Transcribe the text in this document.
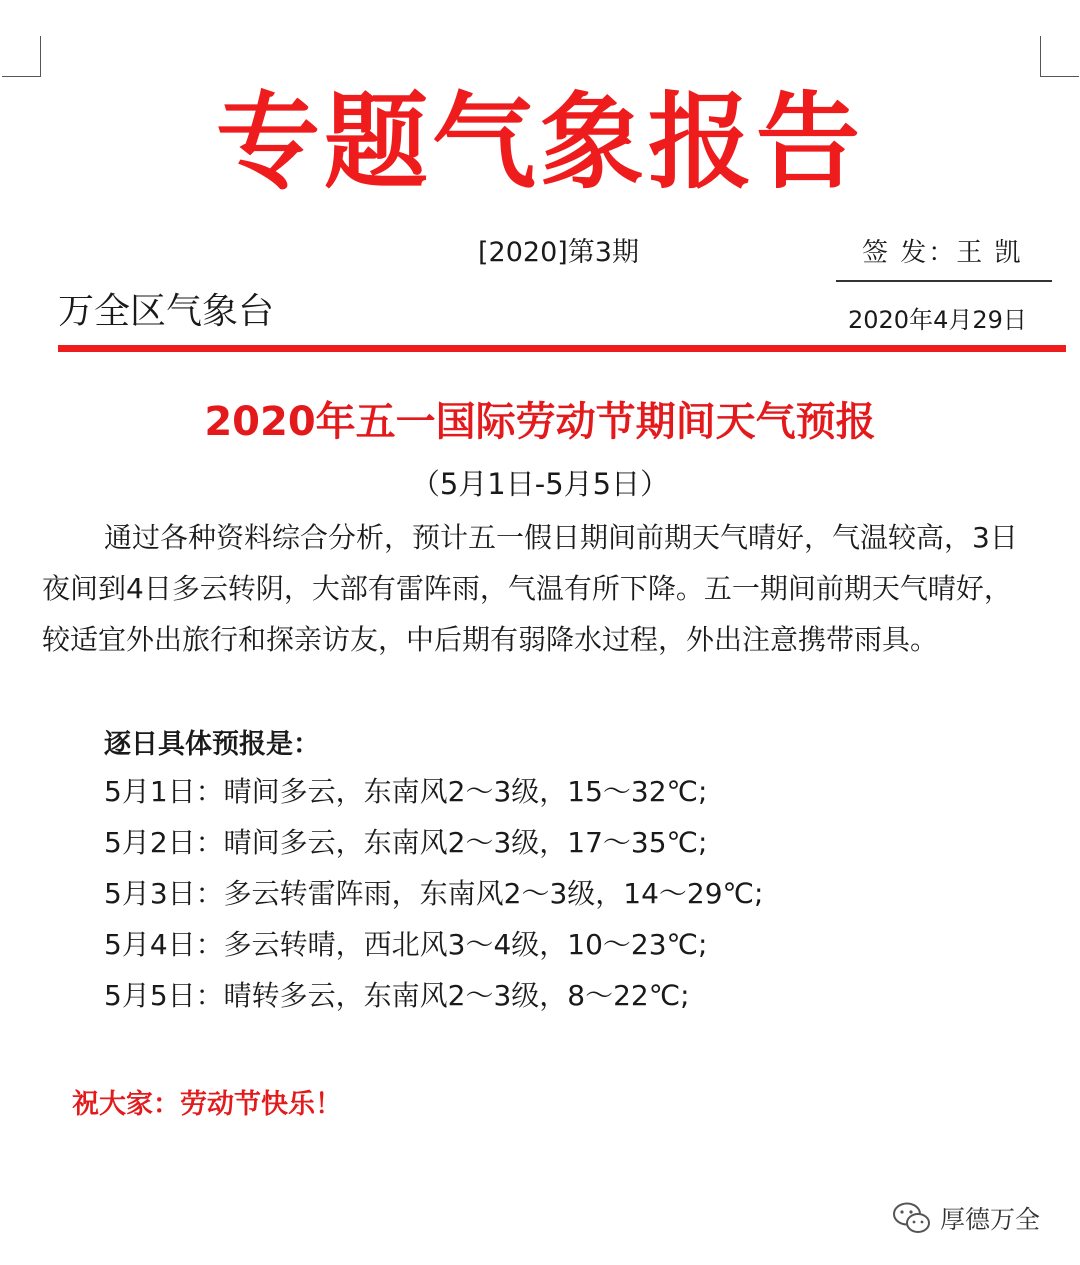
专题气象报告
[2020]第3期	签 发：王 凯
万全区气象台	2020年4月29日
2020年五一国际劳动节期间天气预报
（5月1日-5月5日）

通过各种资料综合分析，预计五一假日期间前期天气晴好，气温较高，3日夜间到4日多云转阴，大部有雷阵雨，气温有所下降。五一期间前期天气晴好，较适宜外出旅行和探亲访友，中后期有弱降水过程，外出注意携带雨具。

逐日具体预报是：
5月1日：晴间多云，东南风2～3级，15～32℃;
5月2日：晴间多云，东南风2～3级，17～35℃;
5月3日：多云转雷阵雨，东南风2～3级，14～29℃;
5月4日：多云转晴，西北风3～4级，10～23℃;
5月5日：晴转多云，东南风2～3级，8～22℃;
祝大家：劳动节快乐！
厚德万全
